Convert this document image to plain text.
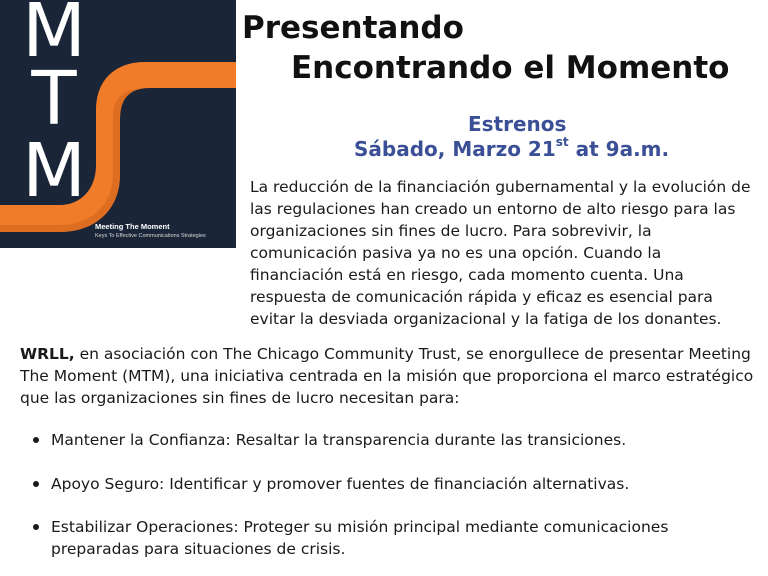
M
T
M
Meeting The Moment
Keys To Effective Communications Strategies
Presentando
Encontrando el Momento
Estrenos
Sábado, Marzo 21st at 9a.m.
La reducción de la financiación gubernamental y la evolución de las regulaciones han creado un entorno de alto riesgo para las organizaciones sin fines de lucro. Para sobrevivir, la comunicación pasiva ya no es una opción. Cuando la financiación está en riesgo, cada momento cuenta. Una respuesta de comunicación rápida y eficaz es esencial para evitar la desviada organizacional y la fatiga de los donantes.
WRLL, en asociación con The Chicago Community Trust, se enorgullece de presentar Meeting The Moment (MTM), una iniciativa centrada en la misión que proporciona el marco estratégico que las organizaciones sin fines de lucro necesitan para:
Mantener la Confianza: Resaltar la transparencia durante las transiciones.
Apoyo Seguro: Identificar y promover fuentes de financiación alternativas.
Estabilizar Operaciones: Proteger su misión principal mediante comunicaciones preparadas para situaciones de crisis.
